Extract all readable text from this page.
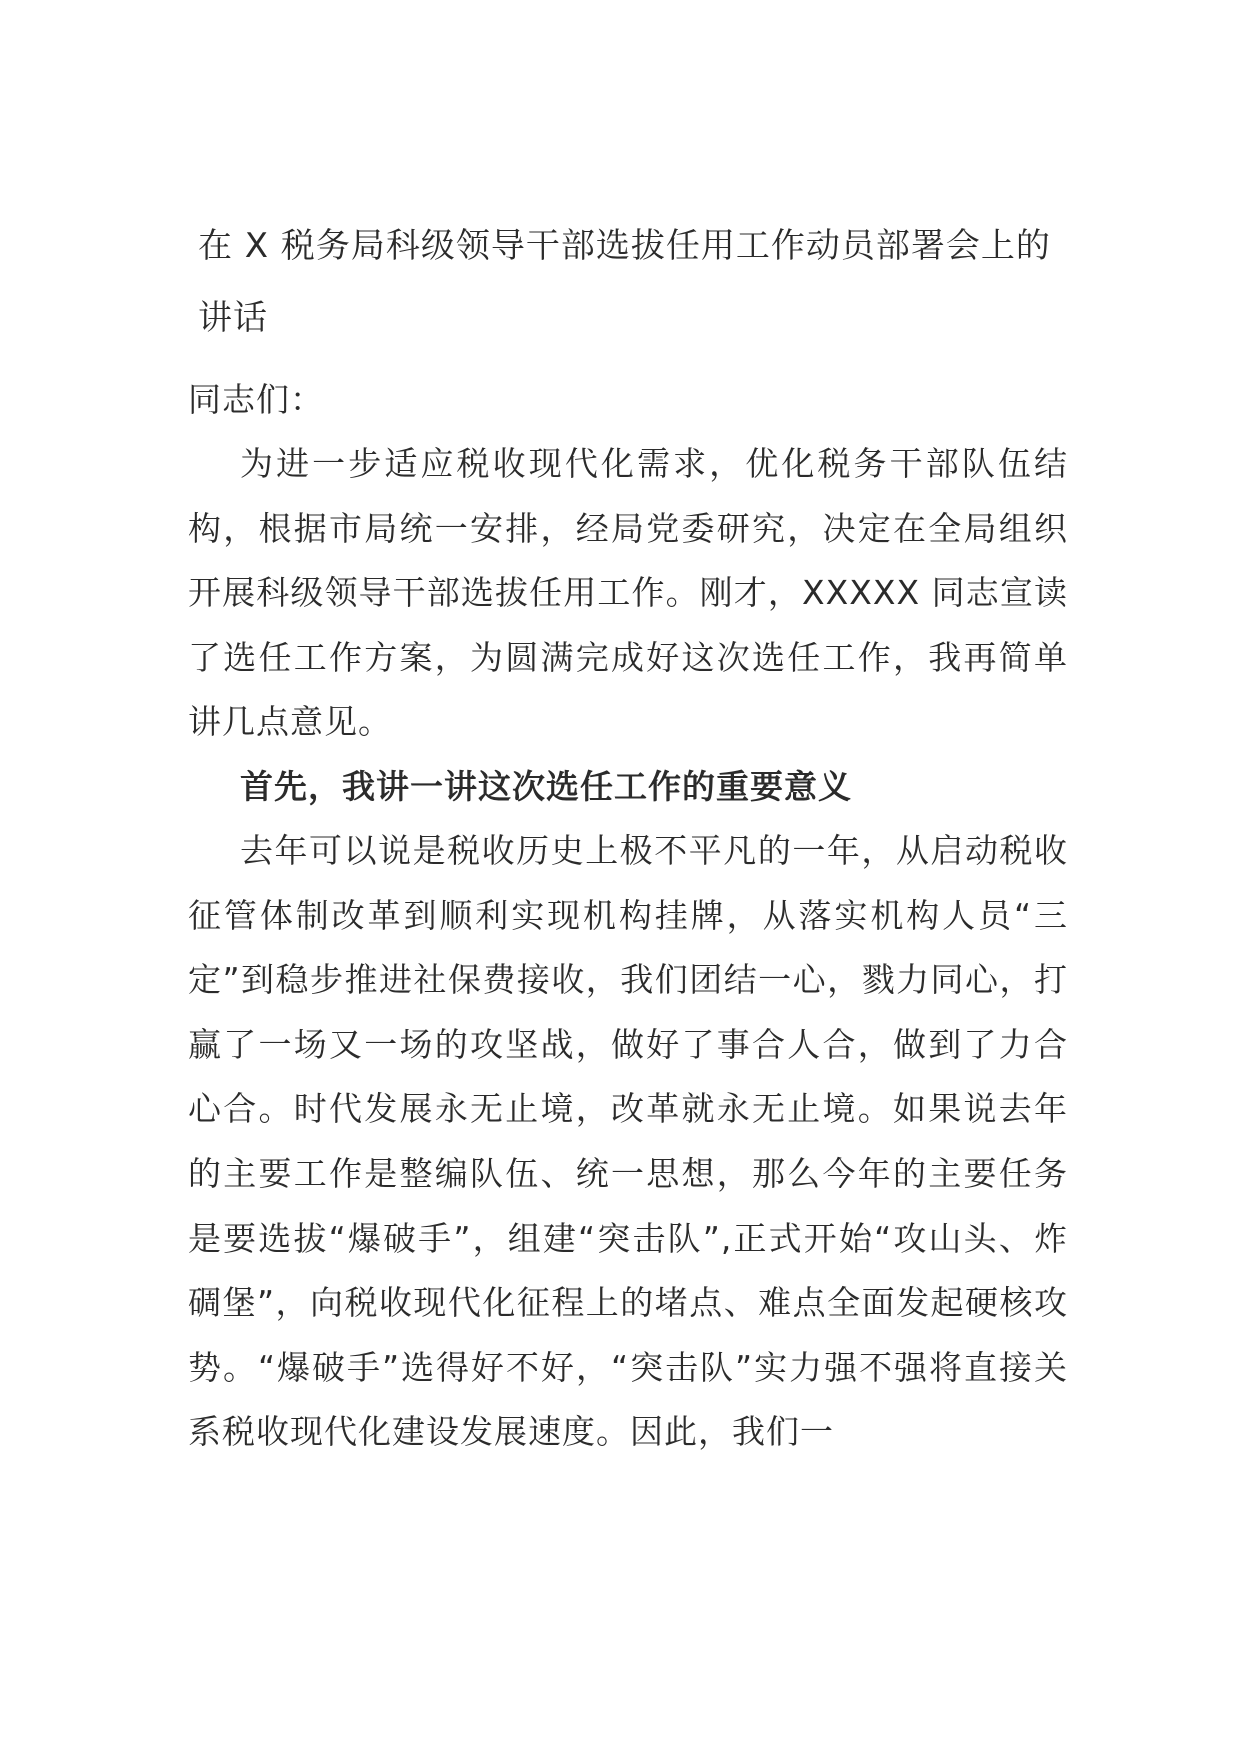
在 X 税务局科级领导干部选拔任用工作动员部署会上的讲话

同志们：

为进一步适应税收现代化需求，优化税务干部队伍结构，根据市局统一安排，经局党委研究，决定在全局组织开展科级领导干部选拔任用工作。刚才，XXXXX 同志宣读了选任工作方案，为圆满完成好这次选任工作，我再简单讲几点意见。

首先，我讲一讲这次选任工作的重要意义

去年可以说是税收历史上极不平凡的一年，从启动税收征管体制改革到顺利实现机构挂牌，从落实机构人员“三定”到稳步推进社保费接收，我们团结一心，戮力同心，打赢了一场又一场的攻坚战，做好了事合人合，做到了力合心合。时代发展永无止境，改革就永无止境。如果说去年的主要工作是整编队伍、统一思想，那么今年的主要任务是要选拔“爆破手”，组建“突击队”,正式开始“攻山头、炸碉堡”，向税收现代化征程上的堵点、难点全面发起硬核攻势。“爆破手”选得好不好，“突击队”实力强不强将直接关系税收现代化建设发展速度。因此，我们一
